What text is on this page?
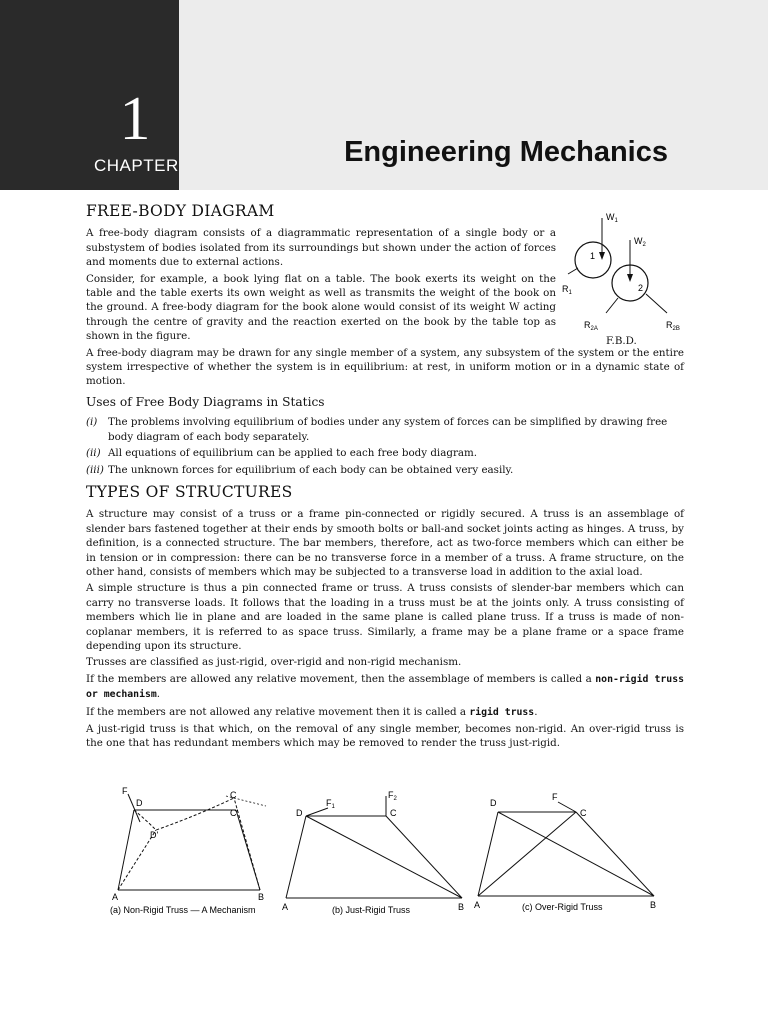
1
CHAPTER	Engineering Mechanics
FREE-BODY DIAGRAM

A free-body diagram consists of a diagrammatic representation of a single body or a substystem of bodies isolated from its surroundings but shown under the action of forces and moments due to external actions.

Consider, for example, a book lying flat on a table. The book exerts its weight on the table and the table exerts its own weight as well as transmits the weight of the book on the ground. A free-body diagram for the book alone would consist of its weight W acting through the centre of gravity and the reaction exerted on the book by the table top as shown in the figure.

A free-body diagram may be drawn for any single member of a system, any subsystem of the system or the entire system irrespective of whether the system is in equilibrium: at rest, in uniform motion or in a dynamic state of motion.

$W_1$
$W_2$
$R_1$
$R_{2A}$	$R_{2B}$
1
2
F.B.D.
Uses of Free Body Diagrams in Statics
(i)	The problems involving equilibrium of bodies under any system of forces can be simplified by drawing free body diagram of each body separately.
(ii) All equations of equilibrium can be applied to each free body diagram.
(iii) The unknown forces for equilibrium of each body can be obtained very easily.
TYPES OF STRUCTURES

A structure may consist of a truss or a frame pin-connected or rigidly secured. A truss is an assemblage of slender bars fastened together at their ends by smooth bolts or ball-and socket joints acting as hinges. A truss, by definition, is a connected structure. The bar members, therefore, act as two-force members which can either be in tension or in compression: there can be no transverse force in a member of a truss. A frame structure, on the other hand, consists of members which may be subjected to a transverse load in addition to the axial load.

A simple structure is thus a pin connected frame or truss. A truss consists of slender-bar members which can carry no transverse loads. It follows that the loading in a truss must be at the joints only. A truss consisting of members which lie in plane and are loaded in the same plane is called plane truss. If a truss is made of non-coplanar members, it is referred to as space truss. Similarly, a frame may be a plane frame or a space frame depending upon its structure.

Trusses are classified as just-rigid, over-rigid and non-rigid mechanism.

If the members are allowed any relative movement, then the assemblage of members is called a non-rigid truss or mechanism.

If the members are not allowed any relative movement then it is called a rigid truss.

A just-rigid truss is that which, on the removal of any single member, becomes non-rigid. An over-rigid truss is the one that has redundant members which may be removed to render the truss just-rigid.

F
D
C
C'
D'
A	B
(a) Non-Rigid Truss — A Mechanism
D	C
$F_1$
$F_2$
A	B
(b) Just-Rigid Truss
D
C
F
A	B
(c) Over-Rigid Truss
